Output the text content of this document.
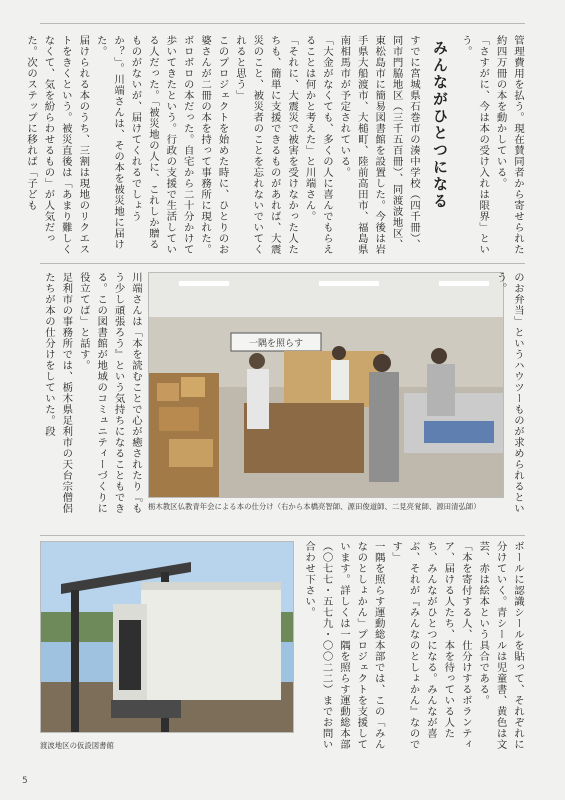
管理費用を払う。現在賛同者から寄せられた約四万冊の本を動かしている。
「さすがに、今は本の受け入れは限界」という。
みんながひとつになる
すでに宮城県石巻市の湊中学校（四千冊）、同市門脇地区（三千五百冊）、同渡波地区、東松島市に簡易図書館を設置した。今後は岩手県大船渡市、大槌町、陸前高田市、福島県南相馬市が予定されている。
「大金がなくても、多くの人に喜んでもらえることは何かと考えた」と川端さん。
「それに、大震災で被害を受けなかった人たちも、簡単に支援できるものがあれば、大震災のこと、被災者のことを忘れないでいてくれると思う」
このプロジェクトを始めた時に、ひとりのお婆さんが二冊の本を持って事務所に現れた。ボロボロの本だった。自宅から二十分かけて歩いてきたという。行政の支援で生活している人だった。「被災地の人に、これしか贈るものがないが、届けてくれるでしょうか？」。川端さんは、その本を被災地に届けた。
届けられる本のうち、三割は現地のリクエストをきくという。被災直後は「あまり難しくなくて、気を紛らわせるもの」が人気だった。次のステップに移れば「子ども
一隅を照らす
栃木教区仏教青年会による本の仕分け（右から本橋亮智師、源田俊道師、二見亮覚師、源田清弘師）	のお弁当」というハウツーものが求められるという。
川端さんは「本を読むことで心が癒されたり『もう少し頑張ろう』という気持ちになることもできる。この図書館が地域のコミュニティーづくりに役立てば」と話す。
足利市の事務所では、栃木県足利市の天台宗僧侶たちが本の仕分けをしていた。段
渡波地区の仮設図書館	ボールに認識シールを貼って、それぞれに分けていく。青シールは児童書、黄色は文芸、赤は絵本という具合である。
「本を寄付する人、仕分けするボランティア、届ける人たち、本を待っている人たち、みんながひとつになる。みんなが喜ぶ、それが『みんなのとしょかん』なのです」
一隅を照らす運動総本部では、この「みんなのとしょかん」プロジェクトを支援しています。詳しくは一隅を照らす運動総本部（〇七七・五七九・〇〇二二）までお問い合わせ下さい。
5
